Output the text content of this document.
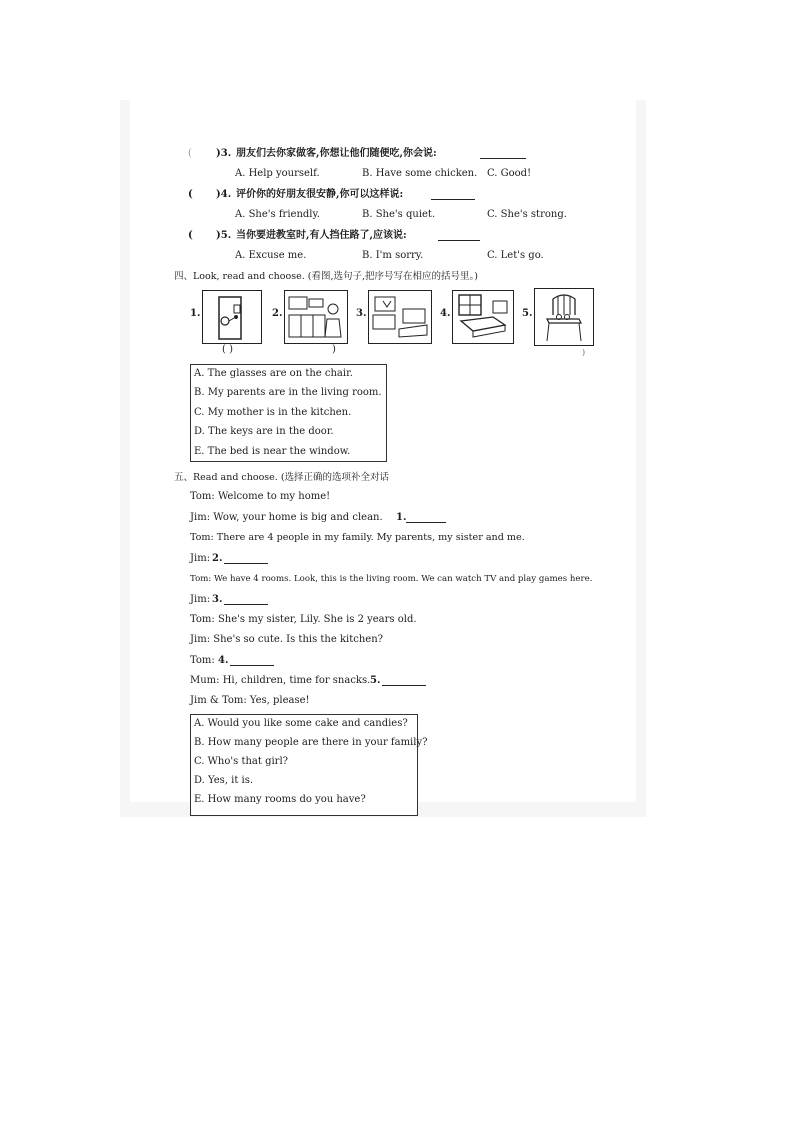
( )3. 朋友们去你家做客,你想让他们随便吃,你会说:
A. Help yourself.	B. Have some chicken. C. Good!
( )4. 评价你的好朋友很安静,你可以这样说:
A. She's friendly.	B. She's quiet.	C. She's strong.
( )5. 当你要进教室时,有人挡住路了,应该说:
A. Excuse me.	B. I'm sorry.	C. Let's go.
四、Look, read and choose. (看图,选句子,把序号写在相应的括号里。)
1.	2.	3.	4.	5.
( )	)	)
A. The glasses are on the chair.
B. My parents are in the living room.
C. My mother is in the kitchen.
D. The keys are in the door.
E. The bed is near the window.
五、Read and choose. (选择正确的选项补全对话
Tom: Welcome to my home!
Jim: Wow, your home is big and clean. 1.
Tom: There are 4 people in my family. My parents, my sister and me.
Jim: 2.
Tom: We have 4 rooms. Look, this is the living room. We can watch TV and play games here.
Jim: 3.
Tom: She's my sister, Lily. She is 2 years old.
Jim: She's so cute. Is this the kitchen?
Tom: 4.
Mum: Hi, children, time for snacks. 5.
Jim & Tom: Yes, please!
A. Would you like some cake and candies?
B. How many people are there in your family?
C. Who's that girl?
D. Yes, it is.
E. How many rooms do you have?
